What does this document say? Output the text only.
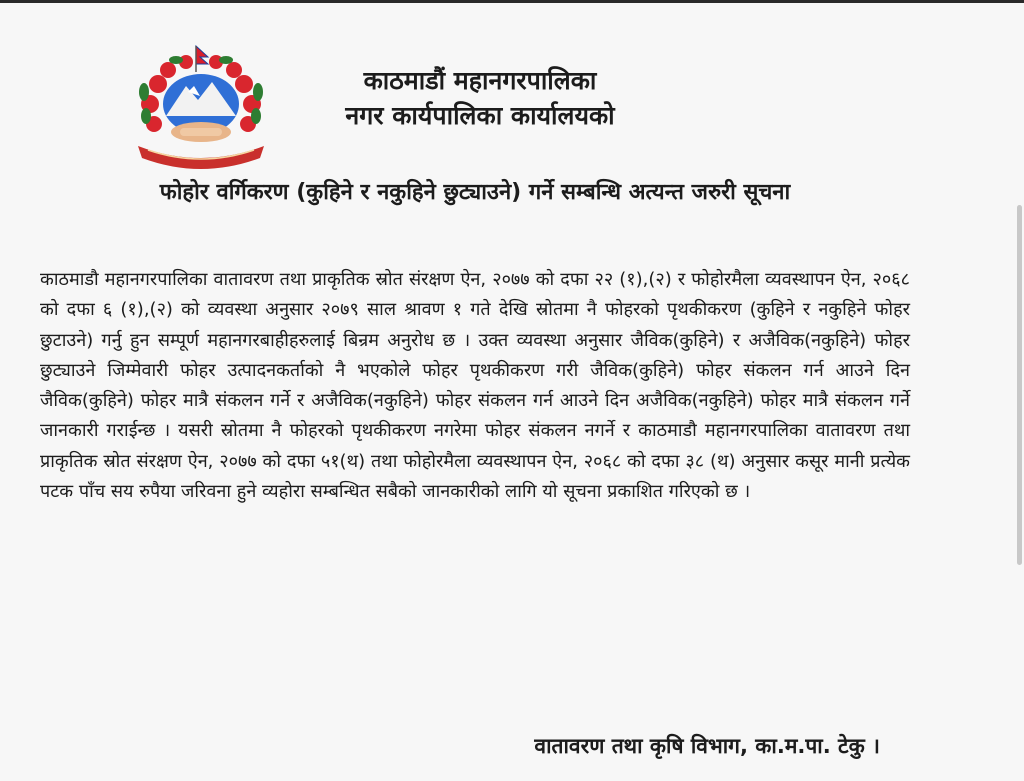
काठमाडौं महानगरपालिका
नगर कार्यपालिका कार्यालयको
फोहोर वर्गिकरण (कुहिने र नकुहिने छुट्याउने) गर्ने सम्बन्धि अत्यन्त जरुरी सूचना
काठमाडौ महानगरपालिका वातावरण तथा प्राकृतिक स्रोत संरक्षण ऐन, २०७७ को दफा २२ (१),(२) र फोहोरमैला व्यवस्थापन ऐन, २०६८ को दफा ६ (१),(२) को व्यवस्था अनुसार २०७९ साल श्रावण १ गते देखि स्रोतमा नै फोहरको पृथकीकरण (कुहिने र नकुहिने फोहर छुटाउने) गर्नु हुन सम्पूर्ण महानगरबाहीहरुलाई बिन्रम अनुरोध छ । उक्त व्यवस्था अनुसार जैविक(कुहिने) र अजैविक(नकुहिने) फोहर छुट्याउने जिम्मेवारी फोहर उत्पादनकर्ताको नै भएकोले फोहर पृथकीकरण गरी जैविक(कुहिने) फोहर संकलन गर्न आउने दिन जैविक(कुहिने) फोहर मात्रै संकलन गर्ने र अजैविक(नकुहिने) फोहर संकलन गर्न आउने दिन अजैविक(नकुहिने) फोहर मात्रै संकलन गर्ने जानकारी गराईन्छ । यसरी स्रोतमा नै फोहरको पृथकीकरण नगरेमा फोहर संकलन नगर्ने र काठमाडौ महानगरपालिका वातावरण तथा प्राकृतिक स्रोत संरक्षण ऐन, २०७७ को दफा ५१(थ) तथा फोहोरमैला व्यवस्थापन ऐन, २०६८ को दफा ३८ (थ) अनुसार कसूर मानी प्रत्येक पटक पाँच सय रुपैया जरिवना हुने व्यहोरा सम्बन्धित सबैको जानकारीको लागि यो सूचना प्रकाशित गरिएको छ ।
वातावरण तथा कृषि विभाग, का.म.पा. टेकु ।
